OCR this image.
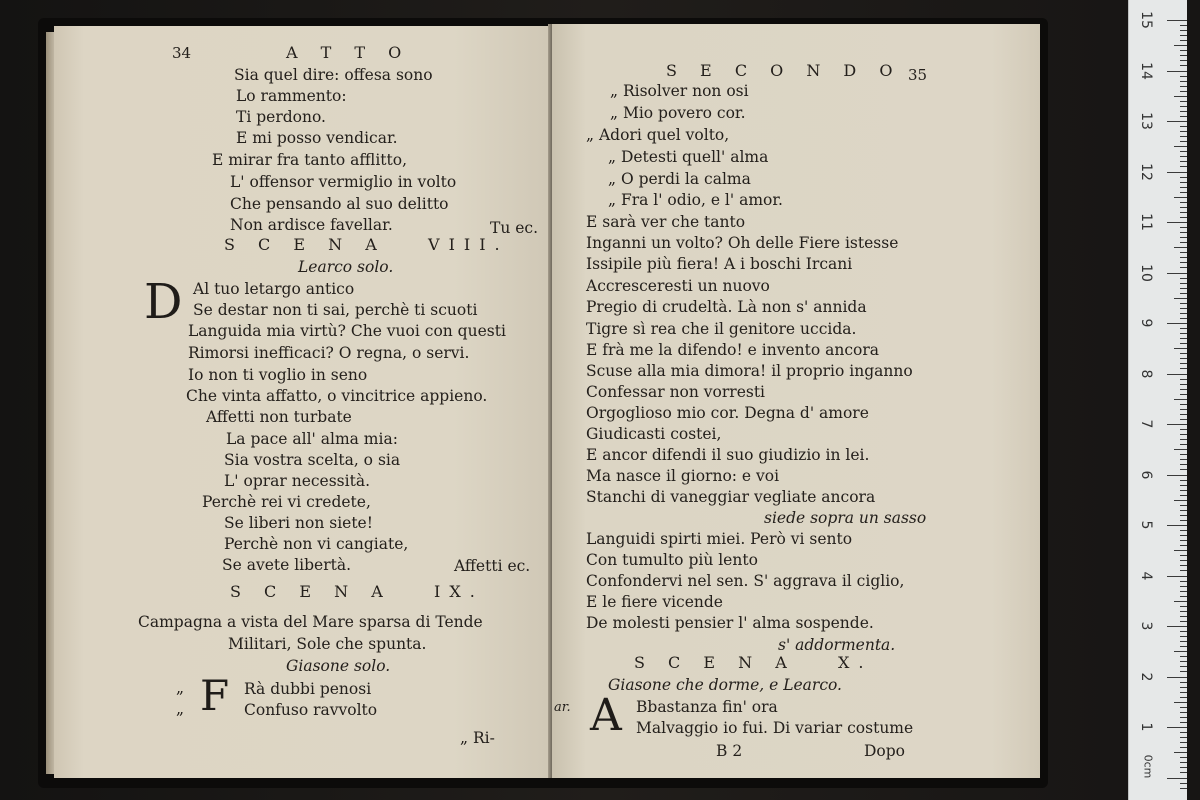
34	A T T O
Sia quel dire: offesa sono
Lo rammento:
Ti perdono.
E mi posso vendicar.
E mirar fra tanto afflitto,
L' offensor vermiglio in volto
Che pensando al suo delitto
Non ardisce favellar.	Tu ec.
S C E N A   VIII.
Learco solo.
D Al tuo letargo antico
Se destar non ti sai, perchè ti scuoti
Languida mia virtù? Che vuoi con questi
Rimorsi inefficaci? O regna, o servi.
Io non ti voglio in seno
Che vinta affatto, o vincitrice appieno.
Affetti non turbate
La pace all' alma mia:
Sia vostra scelta, o sia
L' oprar necessità.
Perchè rei vi credete,
Se liberi non siete!
Perchè non vi cangiate,
Se avete libertà.	Affetti ec.
S C E N A   IX.
Campagna a vista del Mare sparsa di Tende
Militari, Sole che spunta.
Giasone solo.
„
„ F Rà dubbi penosi
Confuso ravvolto
„ Ri-
S E C O N D O 35
„ Risolver non osi
„ Mio povero cor.
„ Adori quel volto,
„ Detesti quell' alma
„ O perdi la calma
„ Fra l' odio, e l' amor.
E sarà ver che tanto
Inganni un volto? Oh delle Fiere istesse
Issipile più fiera! A i boschi Ircani
Accresceresti un nuovo
Pregio di crudeltà. Là non s' annida
Tigre sì rea che il genitore uccida.
E frà me la difendo! e invento ancora
Scuse alla mia dimora! il proprio inganno
Confessar non vorresti
Orgoglioso mio cor. Degna d' amore
Giudicasti costei,
E ancor difendi il suo giudizio in lei.
Ma nasce il giorno: e voi
Stanchi di vaneggiar vegliate ancora
siede sopra un sasso
Languidi spirti miei. Però vi sento
Con tumulto più lento
Confondervi nel sen. S' aggrava il ciglio,
E le fiere vicende
De molesti pensier l' alma sospende.
s' addormenta.
S C E N A   X.
Giasone che dorme, e Learco.
ar. A Bbastanza fin' ora
Malvaggio io fui. Di variar costume
B 2	Dopo
15
14
13
12
11
10
9
8
7
6
5
4
3
2
1
0cm
